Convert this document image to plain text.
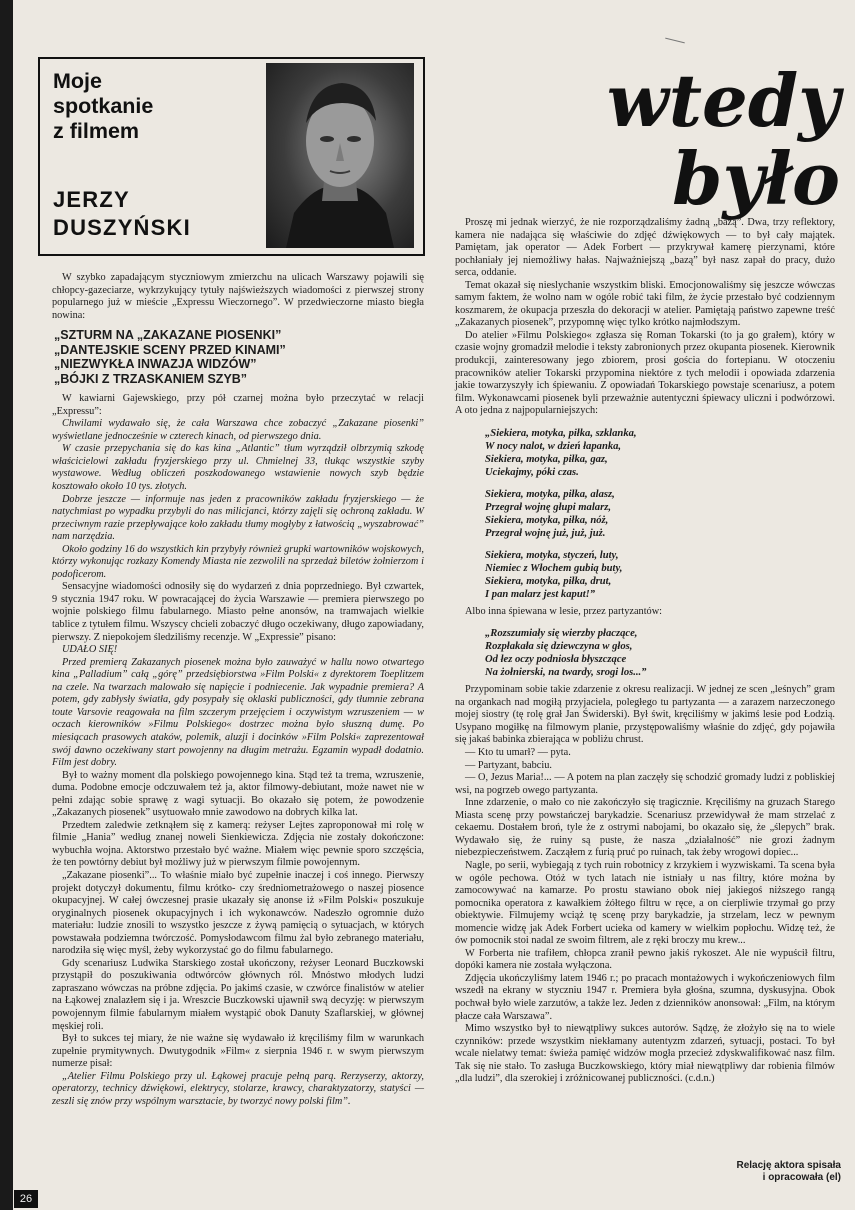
Moje
spotkanie
z filmem
JERZY
DUSZYŃSKI
wtedy
było

W szybko zapadającym styczniowym zmierzchu na ulicach Warszawy pojawili się chłopcy-gazeciarze, wykrzykujący tytuły najświeższych wiadomości z pierwszej strony popularnego już w mieście „Expressu Wieczornego”. W przedwieczorne miasto biegła nowina:

„SZTURM NA „ZAKAZANE PIOSENKI”
„DANTEJSKIE SCENY PRZED KINAMI”
„NIEZWYKŁA INWAZJA WIDZÓW”
„BÓJKI Z TRZASKANIEM SZYB”

W kawiarni Gajewskiego, przy pół czarnej można było przeczytać w relacji „Expressu”:

Chwilami wydawało się, że cała Warszawa chce zobaczyć „Zakazane piosenki” wyświetlane jednocześnie w czterech kinach, od pierwszego dnia.

W czasie przepychania się do kas kina „Atlantic” tłum wyrządził olbrzymią szkodę właścicielowi zakładu fryzjerskiego przy ul. Chmielnej 33, tłukąc wszystkie szyby wystawowe. Według obliczeń poszkodowanego wstawienie nowych szyb będzie kosztowało około 10 tys. złotych.

Dobrze jeszcze — informuje nas jeden z pracowników zakładu fryzjerskiego — że natychmiast po wypadku przybyli do nas milicjanci, którzy zajęli się ochroną zakładu. W przeciwnym razie przepływające koło zakładu tłumy mogłyby z łatwością „wyszabrować” nam narzędzia.

Około godziny 16 do wszystkich kin przybyły również grupki wartowników wojskowych, którzy wykonując rozkazy Komendy Miasta nie zezwolili na sprzedaż biletów żołnierzom i podoficerom.

Sensacyjne wiadomości odnosiły się do wydarzeń z dnia poprzedniego. Był czwartek, 9 stycznia 1947 roku. W powracającej do życia Warszawie — premiera pierwszego po wojnie polskiego filmu fabularnego. Miasto pełne anonsów, na tramwajach wielkie tablice z tytułem filmu. Wszyscy chcieli zobaczyć długo oczekiwany, długo zapowiadany, pierwszy. Z niepokojem śledziliśmy recenzje. W „Expressie” pisano:

UDAŁO SIĘ!

Przed premierą Zakazanych piosenek można było zauważyć w hallu nowo otwartego kina „Palladium” całą „górę” przedsiębiorstwa »Film Polski« z dyrektorem Toeplitzem na czele. Na twarzach malowało się napięcie i podniecenie. Jak wypadnie premiera? A potem, gdy zabłysły światła, gdy posypały się oklaski publiczności, gdy tłumnie zebrana toute Varsovie reagowała na film szczerym przejęciem i oczywistym wzruszeniem — w oczach kierowników »Filmu Polskiego« dostrzec można było słuszną dumę. Po miesiącach prasowych ataków, polemik, aluzji i docinków »Film Polski« zaprezentował swój dawno oczekiwany start powojenny na długim metrażu. Egzamin wypadł dodatnio. Film jest dobry.

Był to ważny moment dla polskiego powojennego kina. Stąd też ta trema, wzruszenie, duma. Podobne emocje odczuwałem też ja, aktor filmowy-debiutant, może nawet nie w pełni zdając sobie sprawę z wagi sytuacji. Bo okazało się potem, że powodzenie „Zakazanych piosenek” usytuowało mnie zawodowo na dobrych kilka lat.

Przedtem zaledwie zetknąłem się z kamerą: reżyser Lejtes zaproponował mi rolę w filmie „Hania” według znanej noweli Sienkiewicza. Zdjęcia nie zostały dokończone: wybuchła wojna. Aktorstwo przestało być ważne. Miałem więc pewnie sporo szczęścia, że ten powtórny debiut był możliwy już w pierwszym filmie powojennym.

„Zakazane piosenki”... To właśnie miało być zupełnie inaczej i coś innego. Pierwszy projekt dotyczył dokumentu, filmu krótko- czy średniometrażowego o naszej piosence okupacyjnej. W całej ówczesnej prasie ukazały się anonse iż »Film Polski« poszukuje oryginalnych piosenek okupacyjnych i ich wykonawców. Nadeszło ogromnie dużo materiału: ludzie znosili to wszystko jeszcze z żywą pamięcią o sytuacjach, w których powstawała podziemna twórczość. Pomysłodawcom filmu żal było zebranego materiału, narodziła się więc myśl, żeby wykorzystać go do filmu fabularnego.

Gdy scenariusz Ludwika Starskiego został ukończony, reżyser Leonard Buczkowski przystąpił do poszukiwania odtwórców głównych ról. Mnóstwo młodych ludzi zapraszano wówczas na próbne zdjęcia. Po jakimś czasie, w czwórce finalistów w atelier na Łąkowej znalazłem się i ja. Wreszcie Buczkowski ujawnił swą decyzję: w pierwszym powojennym filmie fabularnym miałem wystąpić obok Danuty Szaflarskiej, w głównej męskiej roli.

Był to sukces tej miary, że nie ważne się wydawało iż kręciliśmy film w warunkach zupełnie prymitywnych. Dwutygodnik »Film« z sierpnia 1946 r. w swym pierwszym numerze pisał:

„Atelier Filmu Polskiego przy ul. Łąkowej pracuje pełną parą. Rerzyserzy, aktorzy, operatorzy, technicy dźwiękowi, elektrycy, stolarze, krawcy, charaktyzatorzy, statyści — zeszli się znów przy wspólnym warsztacie, by tworzyć nowy polski film”.

Proszę mi jednak wierzyć, że nie rozporządzaliśmy żadną „bazą”. Dwa, trzy reflektory, kamera nie nadająca się właściwie do zdjęć dźwiękowych — to był cały majątek. Pamiętam, jak operator — Adek Forbert — przykrywał kamerę pierzynami, które pochłaniały jej niemożliwy hałas. Najważniejszą „bazą” był nasz zapał do pracy, dużo serca, oddanie.

Temat okazał się nieslychanie wszystkim bliski. Emocjonowaliśmy się jeszcze wówczas samym faktem, że wolno nam w ogóle robić taki film, że życie przestało być codziennym koszmarem, że okupacja przeszła do dekoracji w atelier. Pamiętają państwo zapewne treść „Zakazanych piosenek”, przypomnę więc tylko krótko najmłodszym.

Do atelier »Filmu Polskiego« zgłasza się Roman Tokarski (to ja go grałem), który w czasie wojny gromadził melodie i teksty zabronionych przez okupanta piosenek. Kierownik produkcji, zainteresowany jego zbiorem, prosi gościa do fortepianu. W otoczeniu pracowników atelier Tokarski przypomina niektóre z tych melodii i opowiada zdarzenia jakie towarzyszyły ich śpiewaniu. Z opowiadań Tokarskiego powstaje scenariusz, a potem film. Wykonawcami piosenek byli przeważnie autentyczni śpiewacy uliczni i podwórzowi. A oto jedna z najpopularniejszych:

„Siekiera, motyka, piłka, szklanka,
W nocy nalot, w dzień łapanka,
Siekiera, motyka, piłka, gaz,
Uciekajmy, póki czas.

Siekiera, motyka, piłka, alasz,
Przegrał wojnę głupi malarz,
Siekiera, motyka, piłka, nóż,
Przegrał wojnę już, już, już.

Siekiera, motyka, styczeń, luty,
Niemiec z Włochem gubią buty,
Siekiera, motyka, piłka, drut,
I pan malarz jest kaput!”

Albo inna śpiewana w lesie, przez partyzantów:

„Rozszumiały się wierzby płaczące,
Rozpłakała się dziewczyna w głos,
Od łez oczy podniosła błyszczące
Na żołnierski, na twardy, srogi los...”

Przypominam sobie takie zdarzenie z okresu realizacji. W jednej ze scen „leśnych” gram na organkach nad mogiłą przyjaciela, poległego tu partyzanta — a zarazem narzeczonego mojej siostry (tę rolę grał Jan Świderski). Był świt, kręciliśmy w jakimś lesie pod Łodzią. Usypano mogiłkę na filmowym planie, przystępowaliśmy właśnie do zdjęć, gdy pojawiła się jakaś babinka zbierająca w pobliżu chrust.

— Kto tu umarł? — pyta.

— Partyzant, babciu.

— O, Jezus Maria!... — A potem na plan zaczęły się schodzić gromady ludzi z pobliskiej wsi, na pogrzeb owego partyzanta.

Inne zdarzenie, o mało co nie zakończyło się tragicznie. Kręciliśmy na gruzach Starego Miasta scenę przy powstańczej barykadzie. Scenariusz przewidywał że mam strzelać z cekaemu. Dostałem broń, tyle że z ostrymi nabojami, bo okazało się, że „ślepych” brak. Wydawało się, że ruiny są puste, że nasza „działalność” nie grozi żadnym niebezpieczeństwem. Zacząłem z furią pruć po ruinach, tak żeby wrogowi dopiec...

Nagle, po serii, wybiegają z tych ruin robotnicy z krzykiem i wyzwiskami. Ta scena była w ogóle pechowa. Otóż w tych latach nie istniały u nas filtry, które można by zamocowywać na kamarze. Po prostu stawiano obok niej jakiegoś niższego rangą pomocnika operatora z kawałkiem żółtego filtru w ręce, a on cierpliwie trzymał go przy obiektywie. Filmujemy wciąż tę scenę przy barykadzie, ja strzelam, lecz w pewnym momencie widzę jak Adek Forbert ucieka od kamery w wielkim popłochu. Widzę też, że ów pomocnik stoi nadal ze swoim filtrem, ale z ręki broczy mu krew...

W Forberta nie trafiłem, chłopca zranił pewno jakiś rykoszet. Ale nie wypuścił filtru, dopóki kamera nie została wyłączona.

Zdjęcia ukończyliśmy latem 1946 r.; po pracach montażowych i wykończeniowych film wszedł na ekrany w styczniu 1947 r. Premiera była głośna, szumna, dyskusyjna. Obok pochwał było wiele zarzutów, a także lez. Jeden z dzienników anonsował: „Film, na którym płacze cała Warszawa”.

Mimo wszystko był to niewątpliwy sukces autorów. Sądzę, że złożyło się na to wiele czynników: przede wszystkim niekłamany autentyzm zdarzeń, sytuacji, postaci. To był wcale nielatwy temat: świeża pamięć widzów mogła przecież zdyskwalifikować nasz film. Tak się nie stało. To zasługa Buczkowskiego, który miał niewątpliwy dar robienia filmów „dla ludzi”, dla szerokiej i zróżnicowanej publiczności. (c.d.n.)

Relację aktora spisała
i opracowała (el)
26
